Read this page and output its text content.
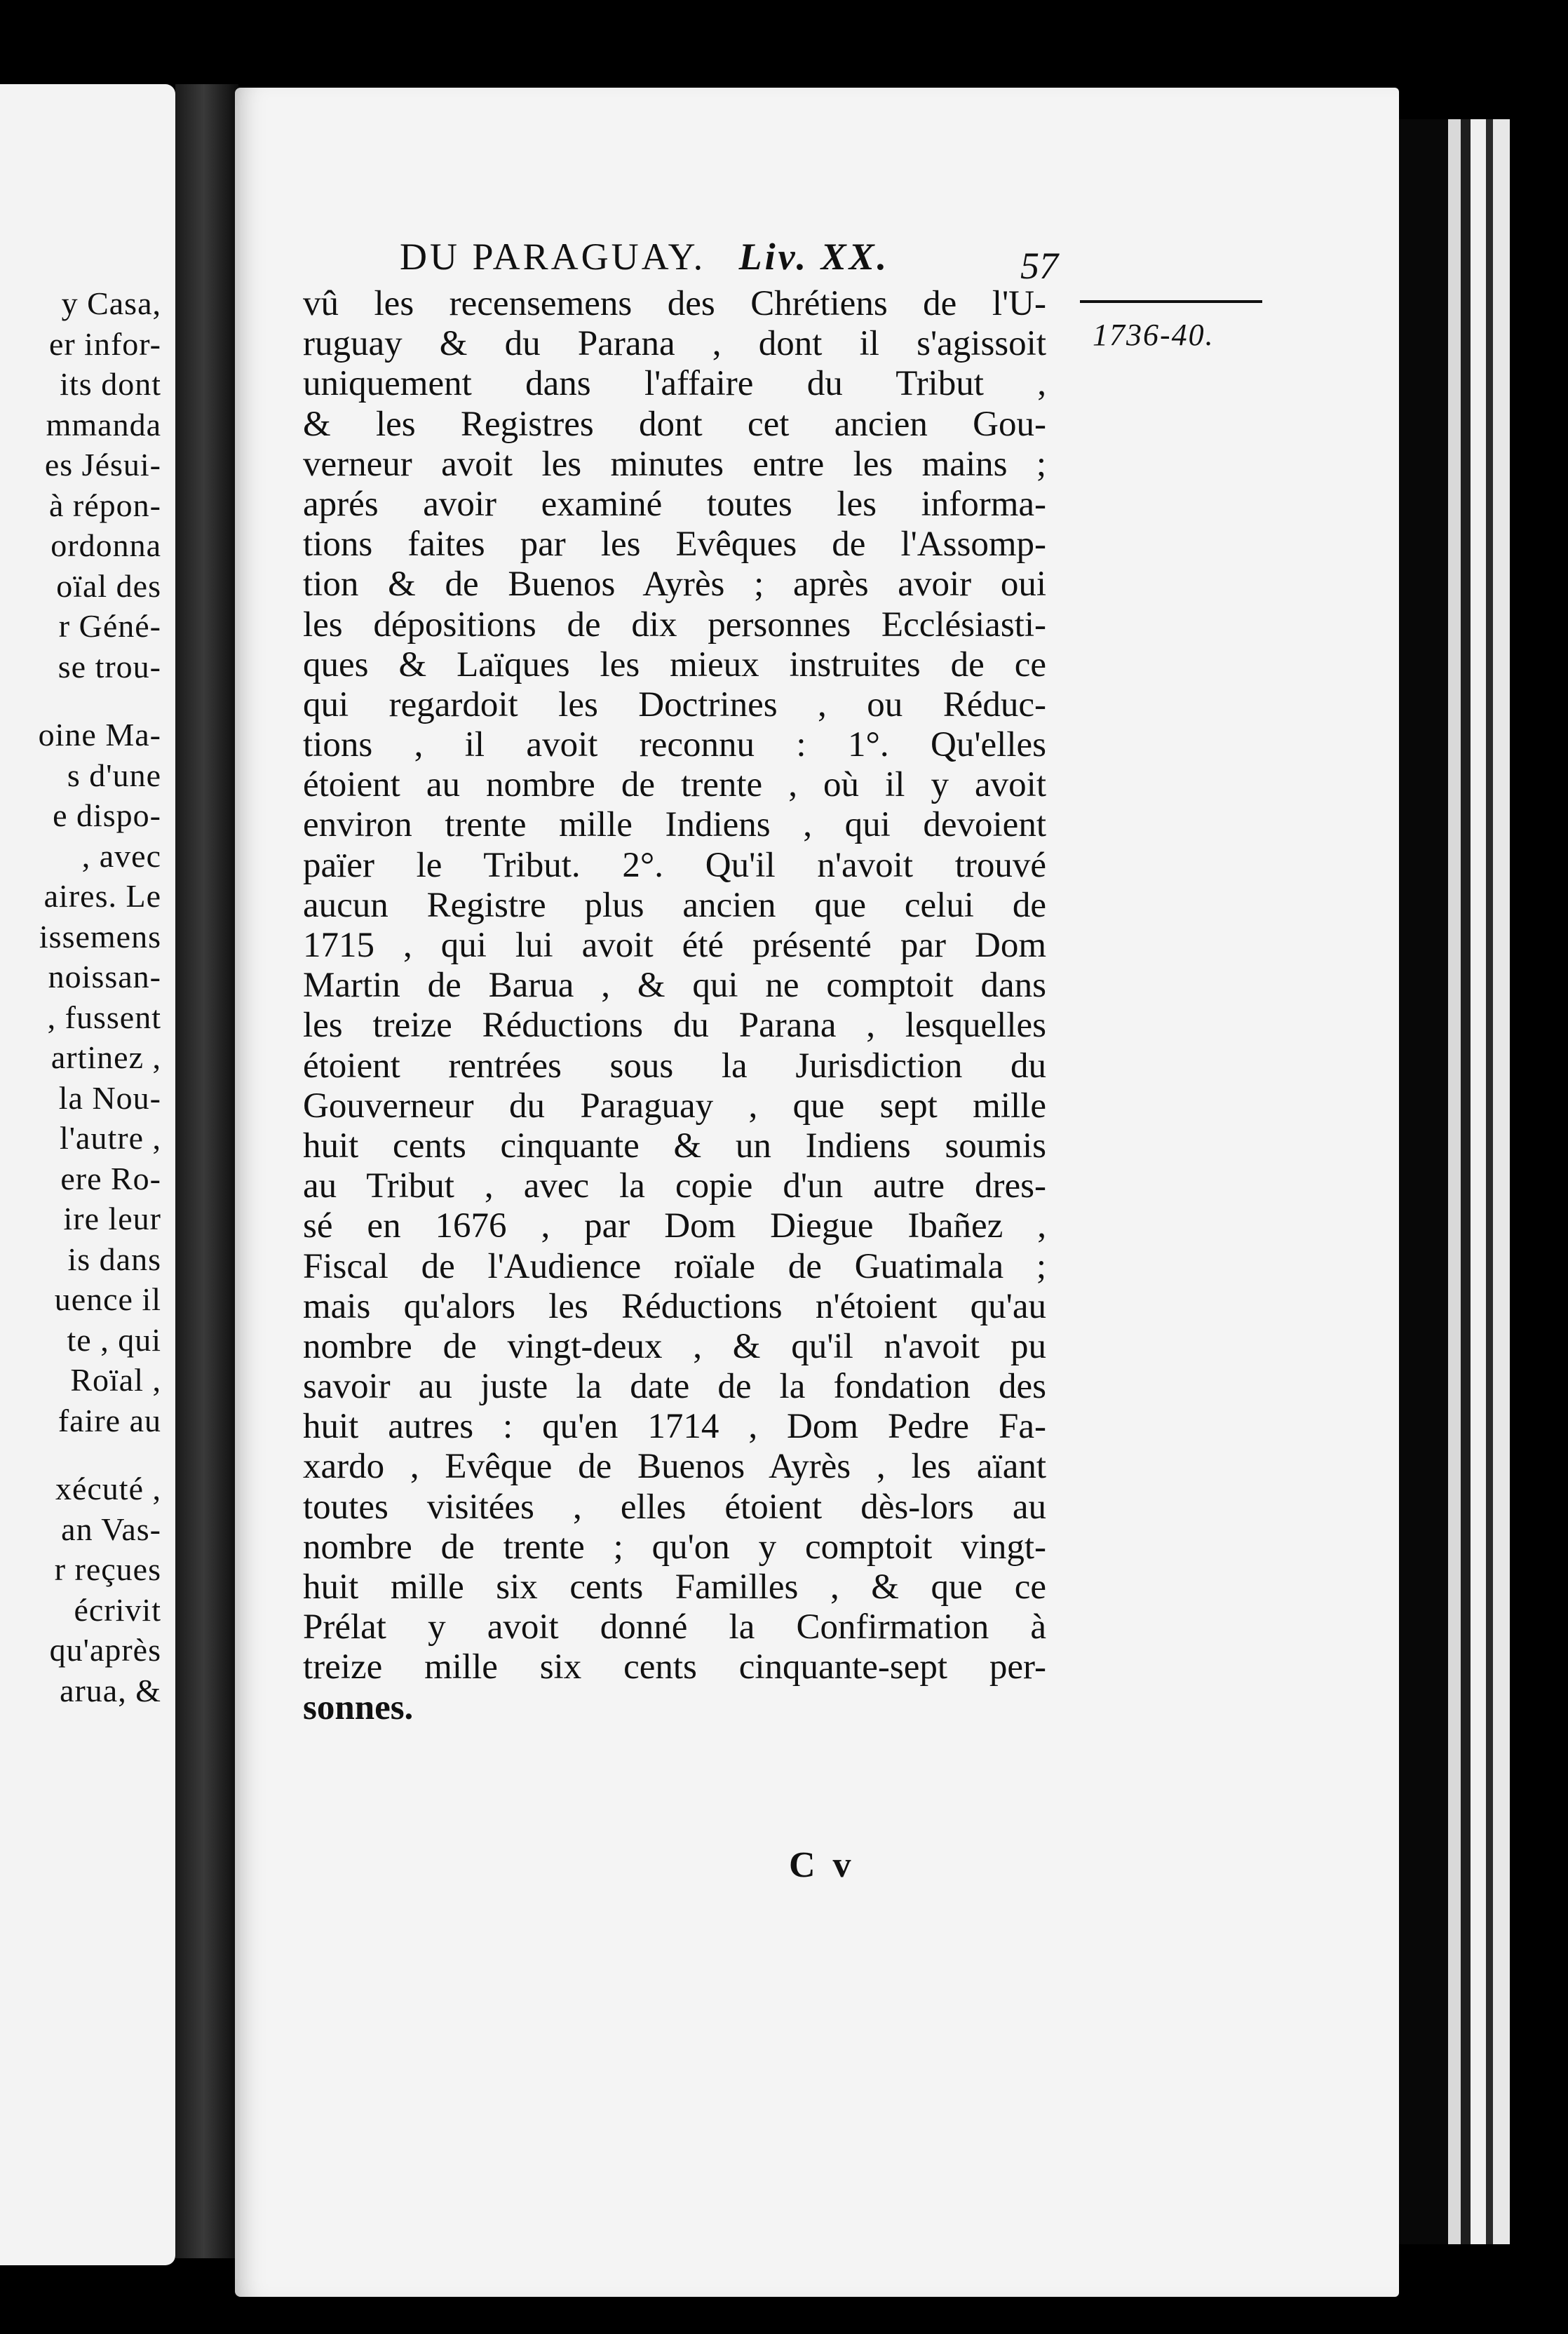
y Casa,
er infor-
its dont
mmanda
es Jésui-
à répon-
ordonna
oïal des
r Géné-
se trou-
oine Ma-
s d'une
e dispo-
, avec
aires. Le
issemens
noissan-
, fussent
artinez ,
la Nou-
l'autre ,
ere Ro-
ire leur
is dans
uence il
te , qui
Roïal ,
faire au
xécuté ,
an Vas-
r reçues
écrivit
qu'après
arua, &
DU PARAGUAY. Liv. XX.	57
1736-40.
vû les recensemens des Chrétiens de l'U-
ruguay & du Parana , dont il s'agissoit
uniquement dans l'affaire du Tribut ,
& les Registres dont cet ancien Gou-
verneur avoit les minutes entre les mains ;
aprés avoir examiné toutes les informa-
tions faites par les Evêques de l'Assomp-
tion & de Buenos Ayrès ; après avoir oui
les dépositions de dix personnes Ecclésiasti-
ques & Laïques les mieux instruites de ce
qui regardoit les Doctrines , ou Réduc-
tions , il avoit reconnu : 1°. Qu'elles
étoient au nombre de trente , où il y avoit
environ trente mille Indiens , qui devoient
païer le Tribut. 2°. Qu'il n'avoit trouvé
aucun Registre plus ancien que celui de
1715 , qui lui avoit été présenté par Dom
Martin de Barua , & qui ne comptoit dans
les treize Réductions du Parana , lesquelles
étoient rentrées sous la Jurisdiction du
Gouverneur du Paraguay , que sept mille
huit cents cinquante & un Indiens soumis
au Tribut , avec la copie d'un autre dres-
sé en 1676 , par Dom Diegue Ibañez ,
Fiscal de l'Audience roïale de Guatimala ;
mais qu'alors les Réductions n'étoient qu'au
nombre de vingt-deux , & qu'il n'avoit pu
savoir au juste la date de la fondation des
huit autres : qu'en 1714 , Dom Pedre Fa-
xardo , Evêque de Buenos Ayrès , les aïant
toutes visitées , elles étoient dès-lors au
nombre de trente ; qu'on y comptoit vingt-
huit mille six cents Familles , & que ce
Prélat y avoit donné la Confirmation à
treize mille six cents cinquante-sept per-
sonnes.
C v
